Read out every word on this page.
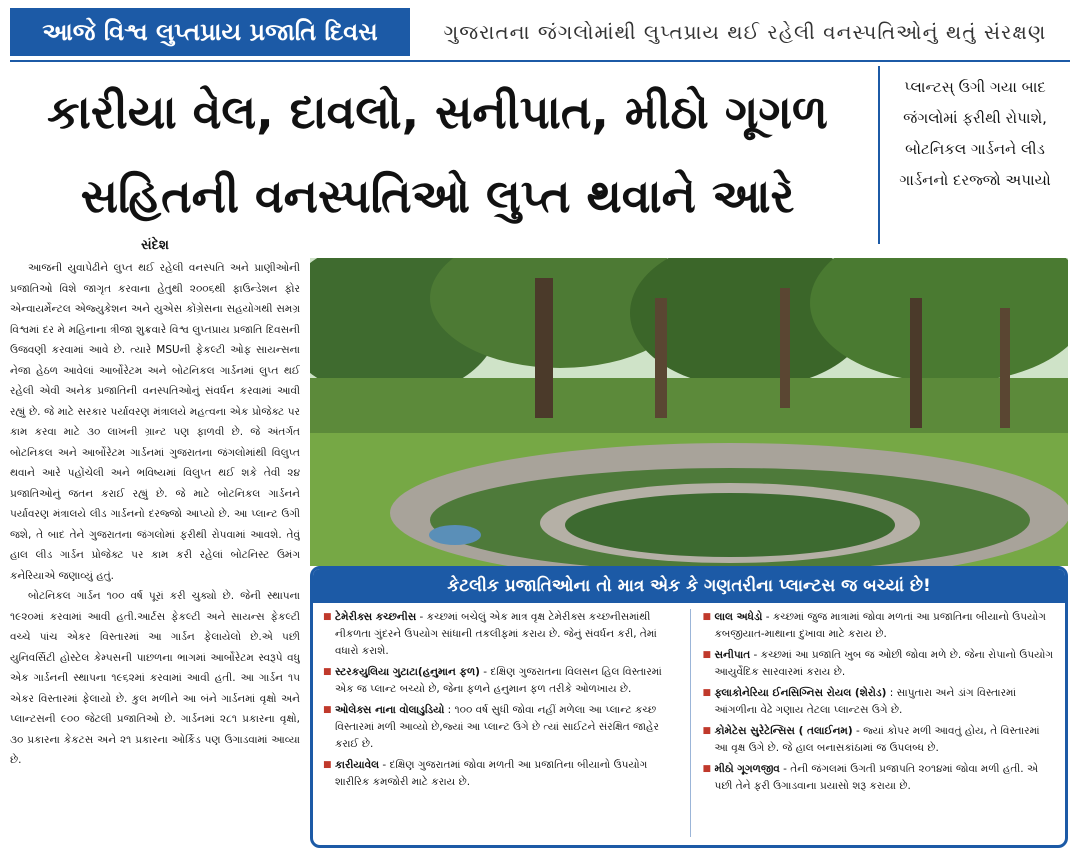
આજે વિશ્વ લુપ્તપ્રાય પ્રજાતિ દિવસ	ગુજરાતના જંગલોમાંથી લુપ્તપ્રાય થઈ રહેલી વનસ્પતિઓનું થતું સંરક્ષણ
કારીયા વેલ, દાવલો, સનીપાત, મીઠો ગૂગળ
સહિતની વનસ્પતિઓ લુપ્ત થવાને આરે
પ્લાન્ટસ્ ઉગી ગયા બાદ જંગલોમાં ફરીથી રોપાશે, બોટનિકલ ગાર્ડનને લીડ ગાર્ડનનો દરજ્જો અપાયો
સંદેશ

આજની યુવાપેઢીને લુપ્ત થઈ રહેલી વનસ્પતિ અને પ્રાણીઓની પ્રજાતિઓ વિશે જાગૃત કરવાના હેતુથી ૨૦૦૬થી ફાઉન્ડેશન ફોર એન્વાયર્મેન્ટલ એજ્યુકેશન અને યુએસ કોંગ્રેસના સહયોગથી સમગ્ર વિશ્વમાં દર મે મહિનાના ત્રીજા શુક્રવારે વિશ્વ લુપ્તપ્રાય પ્રજાતિ દિવસની ઉજવણી કરવામાં આવે છે. ત્યારે MSUની ફેકલ્ટી ઓફ સાયન્સના નેજા હેઠળ આવેલાં આર્બોરેટમ અને બોટનિકલ ગાર્ડનમાં લુપ્ત થઈ રહેલી એવી અનેક પ્રજાતિની વનસ્પતિઓનું સંવર્ધન કરવામાં આવી રહ્યું છે. જે માટે સરકાર પર્યાવરણ મંત્રાલયે મહત્વના એક પ્રોજેક્ટ પર કામ કરવા માટે ૩૦ લાખની ગ્રાન્ટ પણ ફાળવી છે. જે અંતર્ગત બોટનિકલ અને આર્બોરેટમ ગાર્ડનમાં ગુજરાતના જંગલોમાંથી વિલુપ્ત થવાને આરે પહોંચેલી અને ભવિષ્યમાં વિલુપ્ત થઈ શકે તેવી ૨૪ પ્રજાતિઓનું જતન કરાઈ રહ્યું છે. જે માટે બોટનિકલ ગાર્ડનને પર્યાવરણ મંત્રાલયે લીડ ગાર્ડનનો દરજ્જો આપ્યો છે. આ પ્લાન્ટ ઉગી જશે, તે બાદ તેને ગુજરાતના જંગલોમાં ફરીથી રોપવામાં આવશે. તેવું હાલ લીડ ગાર્ડન પ્રોજેક્ટ પર કામ કરી રહેલાં બોટનિસ્ટ ઉમંગ કનેરિયાએ જણાવ્યું હતું.

બોટનિકલ ગાર્ડન ૧૦૦ વર્ષ પૂરાં કરી ચુક્યો છે. જેની સ્થાપના ૧૯૨૦માં કરવામાં આવી હતી.આર્ટસ ફેકલ્ટી અને સાયન્સ ફેકલ્ટી વચ્ચે પાંચ એકર વિસ્તારમાં આ ગાર્ડન ફેલાયેલો છે.એ પછી યુનિવર્સિટી હોસ્ટેલ કેમ્પસની પાછળના ભાગમાં આર્બોરેટમ સ્વરૂપે વધુ એક ગાર્ડનની સ્થાપના ૧૯૬૨માં કરવામાં આવી હતી. આ ગાર્ડન ૧૫ એકર વિસ્તારમાં ફેલાયો છે. કુલ મળીને આ બંને ગાર્ડનમાં વૃક્ષો અને પ્લાન્ટસની ૯૦૦ જેટલી પ્રજાતિઓ છે. ગાર્ડનમાં ૨૮૧ પ્રકારના વૃક્ષો, ૩૦ પ્રકારના કેકટસ અને ૨૧ પ્રકારના ઓર્કિડ પણ ઉગાડવામાં આવ્યા છે.

કેટલીક પ્રજાતિઓના તો માત્ર એક કે ગણતરીના પ્લાન્ટસ જ બચ્યાં છે!
■ ટેમેરીક્સ કચ્છનીસ - કચ્છમાં બચેલું એક માત્ર વૃક્ષ ટેમેરીક્સ કચ્છનીસમાંથી નીકળતા ગુંદરને ઉપયોગ સાંધાની તકલીફમાં કરાય છે. જેનું સંવર્ધન કરી, તેમાં વધારો કરાશે.
■ સ્ટરકયુલિયા ગુટાટા(હનુમાન ફળ) - દક્ષિણ ગુજરાતના વિલસન હિલ વિસ્તારમાં એક જ પ્લાન્ટ બચ્યો છે, જેના ફળને હનુમાન ફળ તરીકે ઓળખાય છે.
■ ઓલેક્સ નાના વોલાડુડિયો : ૧૦૦ વર્ષ સુધી જોવા નહીં મળેલા આ પ્લાન્ટ કચ્છ વિસ્તારમાં મળી આવ્યો છે,જ્યાં આ પ્લાન્ટ ઉગે છે ત્યાં સાઈટને સંરક્ષિત જાહેર કરાઈ છે.
■ કારીયાવેલ - દક્ષિણ ગુજરાતમાં જોવા મળતી આ પ્રજાતિના બીયાનો ઉપયોગ શારીરિક કમજોરી માટે કરાય છે.
■ લાલ અધેડો - કચ્છમાં જુજ માત્રામાં જોવા મળતાં આ પ્રજાતિના બીયાનો ઉપયોગ કબજીયાત-માથાના દુખાવા માટે કરાય છે.
■ સનીપાત - કચ્છમાં આ પ્રજાતિ ખુબ જ ઓછી જોવા મળે છે. જેના રોપાનો ઉપયોગ આયુર્વેદિક સારવારમાં કરાય છે.
■ ફ્લાકોનેરિયા ઈનસિગ્નિસ રોયલ (શેરોડ) : સાપુતારા અને ડાંગ વિસ્તારમાં આંગળીના વેઢે ગણાય તેટલા પ્લાન્ટસ ઉગે છે.
■ કોમેટેસ સુરેટેન્સિસ ( તલાઈનમ) - જ્યાં કોપર મળી આવતું હોય, તે વિસ્તારમાં આ વૃક્ષ ઉગે છે. જે હાલ બનાસકાંઠામાં જ ઉપલબ્ધ છે.
■ મીઠો ગૂગળજીવ - તેની જંગલમાં ઉગતી પ્રજાપતિ ૨૦૧૪માં જોવા મળી હતી. એ પછી તેને ફરી ઉગાડવાના પ્રયાસો શરૂ કરાયા છે.
